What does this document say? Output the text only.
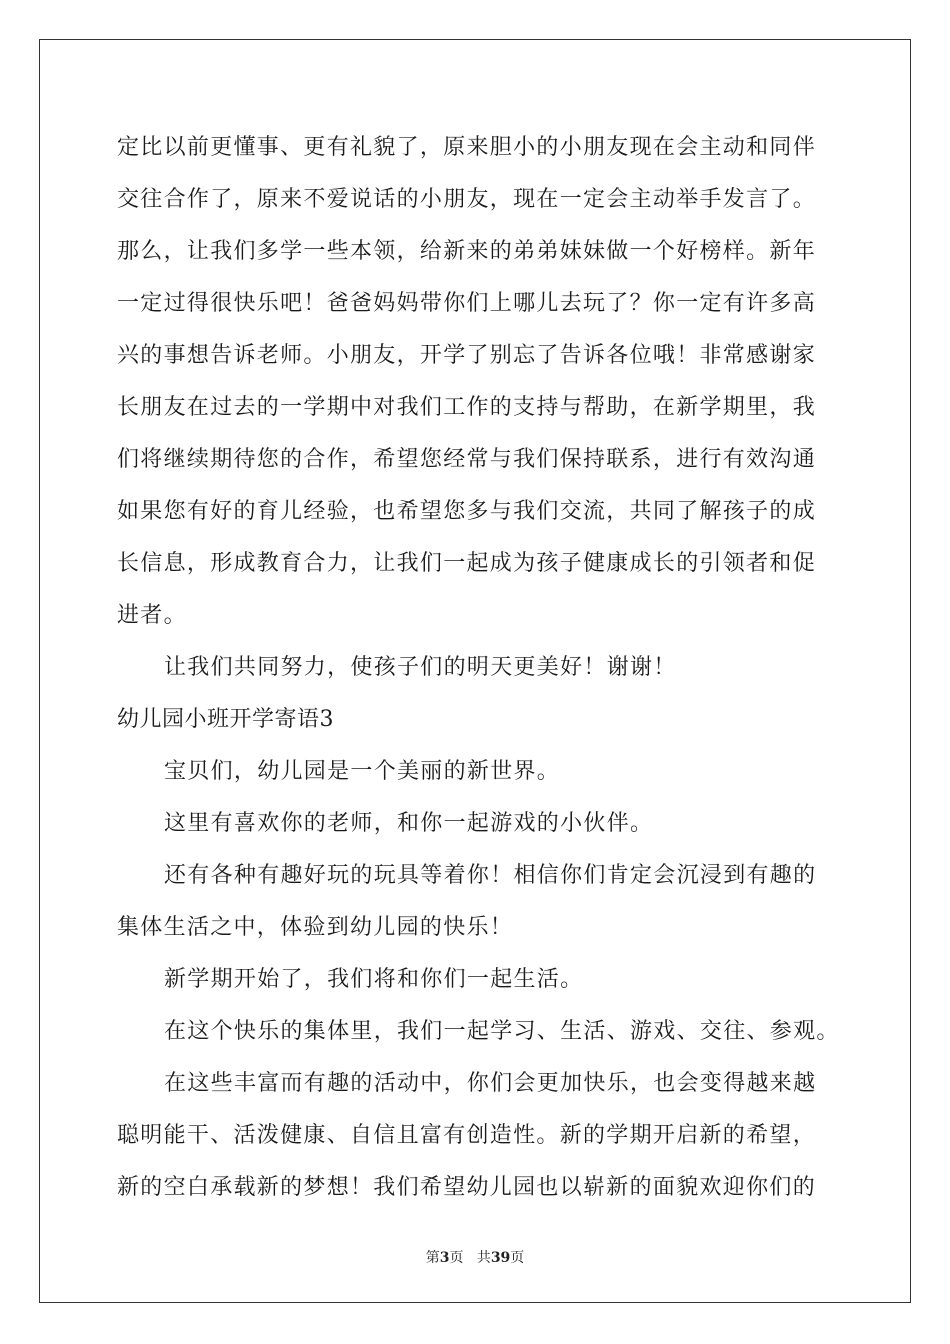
定比以前更懂事、更有礼貌了，原来胆小的小朋友现在会主动和同伴
交往合作了，原来不爱说话的小朋友，现在一定会主动举手发言了。
那么，让我们多学一些本领，给新来的弟弟妹妹做一个好榜样。新年
一定过得很快乐吧！爸爸妈妈带你们上哪儿去玩了？你一定有许多高
兴的事想告诉老师。小朋友，开学了别忘了告诉各位哦！非常感谢家
长朋友在过去的一学期中对我们工作的支持与帮助，在新学期里，我
们将继续期待您的合作，希望您经常与我们保持联系，进行有效沟通
如果您有好的育儿经验，也希望您多与我们交流，共同了解孩子的成
长信息，形成教育合力，让我们一起成为孩子健康成长的引领者和促
进者。
让我们共同努力，使孩子们的明天更美好！谢谢！
幼儿园小班开学寄语3
宝贝们，幼儿园是一个美丽的新世界。
这里有喜欢你的老师，和你一起游戏的小伙伴。
还有各种有趣好玩的玩具等着你！相信你们肯定会沉浸到有趣的
集体生活之中，体验到幼儿园的快乐！
新学期开始了，我们将和你们一起生活。
在这个快乐的集体里，我们一起学习、生活、游戏、交往、参观。
在这些丰富而有趣的活动中，你们会更加快乐，也会变得越来越
聪明能干、活泼健康、自信且富有创造性。新的学期开启新的希望，
新的空白承载新的梦想！我们希望幼儿园也以崭新的面貌欢迎你们的
第3页 共39页
